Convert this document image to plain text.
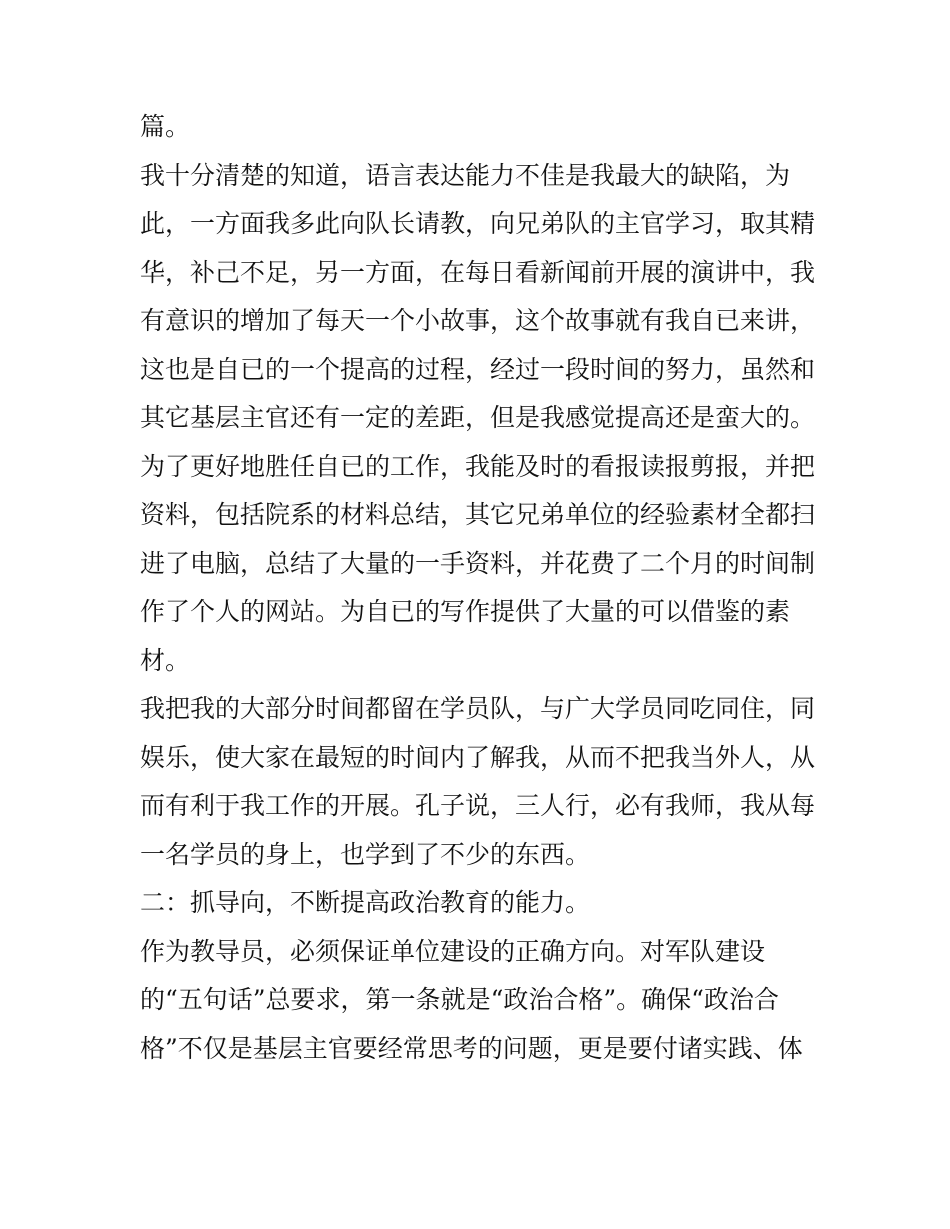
篇。
我十分清楚的知道，语言表达能力不佳是我最大的缺陷，为
此，一方面我多此向队长请教，向兄弟队的主官学习，取其精
华，补己不足，另一方面，在每日看新闻前开展的演讲中，我
有意识的增加了每天一个小故事，这个故事就有我自已来讲，
这也是自已的一个提高的过程，经过一段时间的努力，虽然和
其它基层主官还有一定的差距，但是我感觉提高还是蛮大的。
为了更好地胜任自已的工作，我能及时的看报读报剪报，并把
资料，包括院系的材料总结，其它兄弟单位的经验素材全都扫
进了电脑，总结了大量的一手资料，并花费了二个月的时间制
作了个人的网站。为自已的写作提供了大量的可以借鉴的素
材。
我把我的大部分时间都留在学员队，与广大学员同吃同住，同
娱乐，使大家在最短的时间内了解我，从而不把我当外人，从
而有利于我工作的开展。孔子说，三人行，必有我师，我从每
一名学员的身上，也学到了不少的东西。
二：抓导向，不断提高政治教育的能力。
作为教导员，必须保证单位建设的正确方向。对军队建设
的“五句话”总要求，第一条就是“政治合格”。确保“政治合
格”不仅是基层主官要经常思考的问题，更是要付诸实践、体
